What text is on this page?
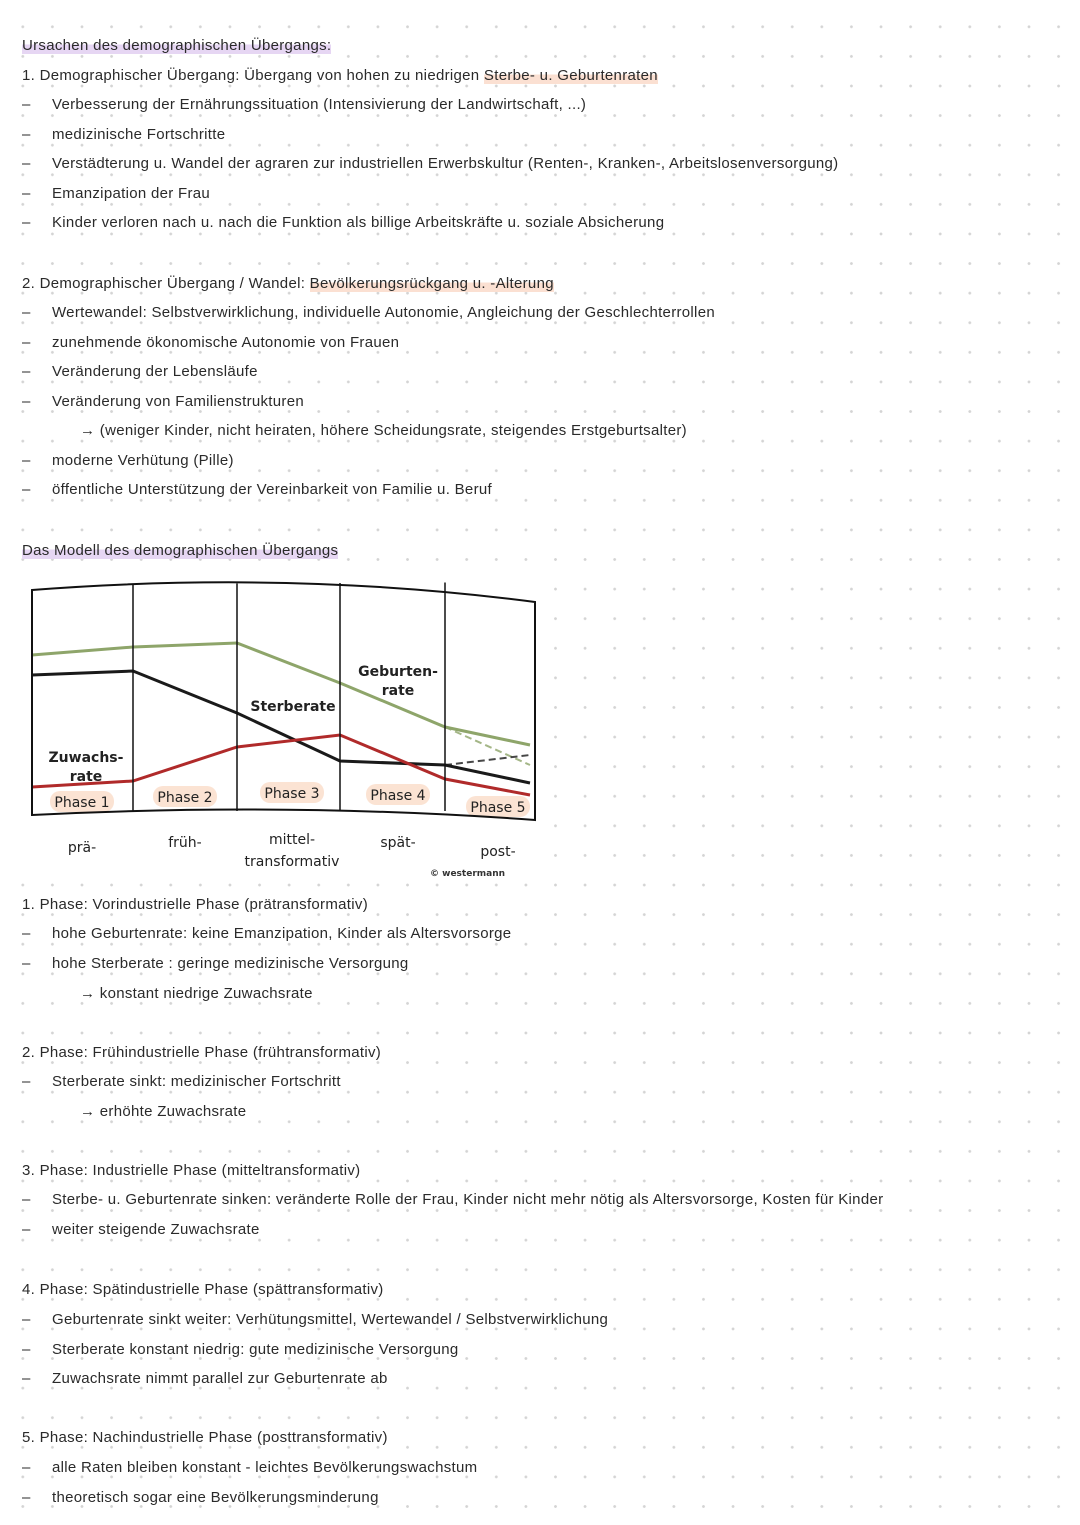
Ursachen des demographischen Übergangs:
1. Demographischer Übergang: Übergang von hohen zu niedrigen Sterbe- u. Geburtenraten
– Verbesserung der Ernährungssituation (Intensivierung der Landwirtschaft, ...)
– medizinische Fortschritte
– Verstädterung u. Wandel der agraren zur industriellen Erwerbskultur (Renten-, Kranken-, Arbeitslosenversorgung)
– Emanzipation der Frau
– Kinder verloren nach u. nach die Funktion als billige Arbeitskräfte u. soziale Absicherung
2. Demographischer Übergang / Wandel: Bevölkerungsrückgang u. -Alterung
– Wertewandel: Selbstverwirklichung, individuelle Autonomie, Angleichung der Geschlechterrollen
– zunehmende ökonomische Autonomie von Frauen
– Veränderung der Lebensläufe
– Veränderung von Familienstrukturen
→ (weniger Kinder, nicht heiraten, höhere Scheidungsrate, steigendes Erstgeburtsalter)
– moderne Verhütung (Pille)
– öffentliche Unterstützung der Vereinbarkeit von Familie u. Beruf
Das Modell des demographischen Übergangs
Phase 1	Phase 2	Phase 3	Phase 4
Phase 5
prä-	früh-	mittel-	spät-
post-
transformativ
© westermann
Geburten-
rate
Sterberate
Zuwachs-
rate
1. Phase: Vorindustrielle Phase (prätransformativ)
– hohe Geburtenrate: keine Emanzipation, Kinder als Altersvorsorge
– hohe Sterberate : geringe medizinische Versorgung
→ konstant niedrige Zuwachsrate
2. Phase: Frühindustrielle Phase (frühtransformativ)
– Sterberate sinkt: medizinischer Fortschritt
→ erhöhte Zuwachsrate
3. Phase: Industrielle Phase (mitteltransformativ)
– Sterbe- u. Geburtenrate sinken: veränderte Rolle der Frau, Kinder nicht mehr nötig als Altersvorsorge, Kosten für Kinder
– weiter steigende Zuwachsrate
4. Phase: Spätindustrielle Phase (spättransformativ)
– Geburtenrate sinkt weiter: Verhütungsmittel, Wertewandel / Selbstverwirklichung
– Sterberate konstant niedrig: gute medizinische Versorgung
– Zuwachsrate nimmt parallel zur Geburtenrate ab
5. Phase: Nachindustrielle Phase (posttransformativ)
– alle Raten bleiben konstant - leichtes Bevölkerungswachstum
– theoretisch sogar eine Bevölkerungsminderung
